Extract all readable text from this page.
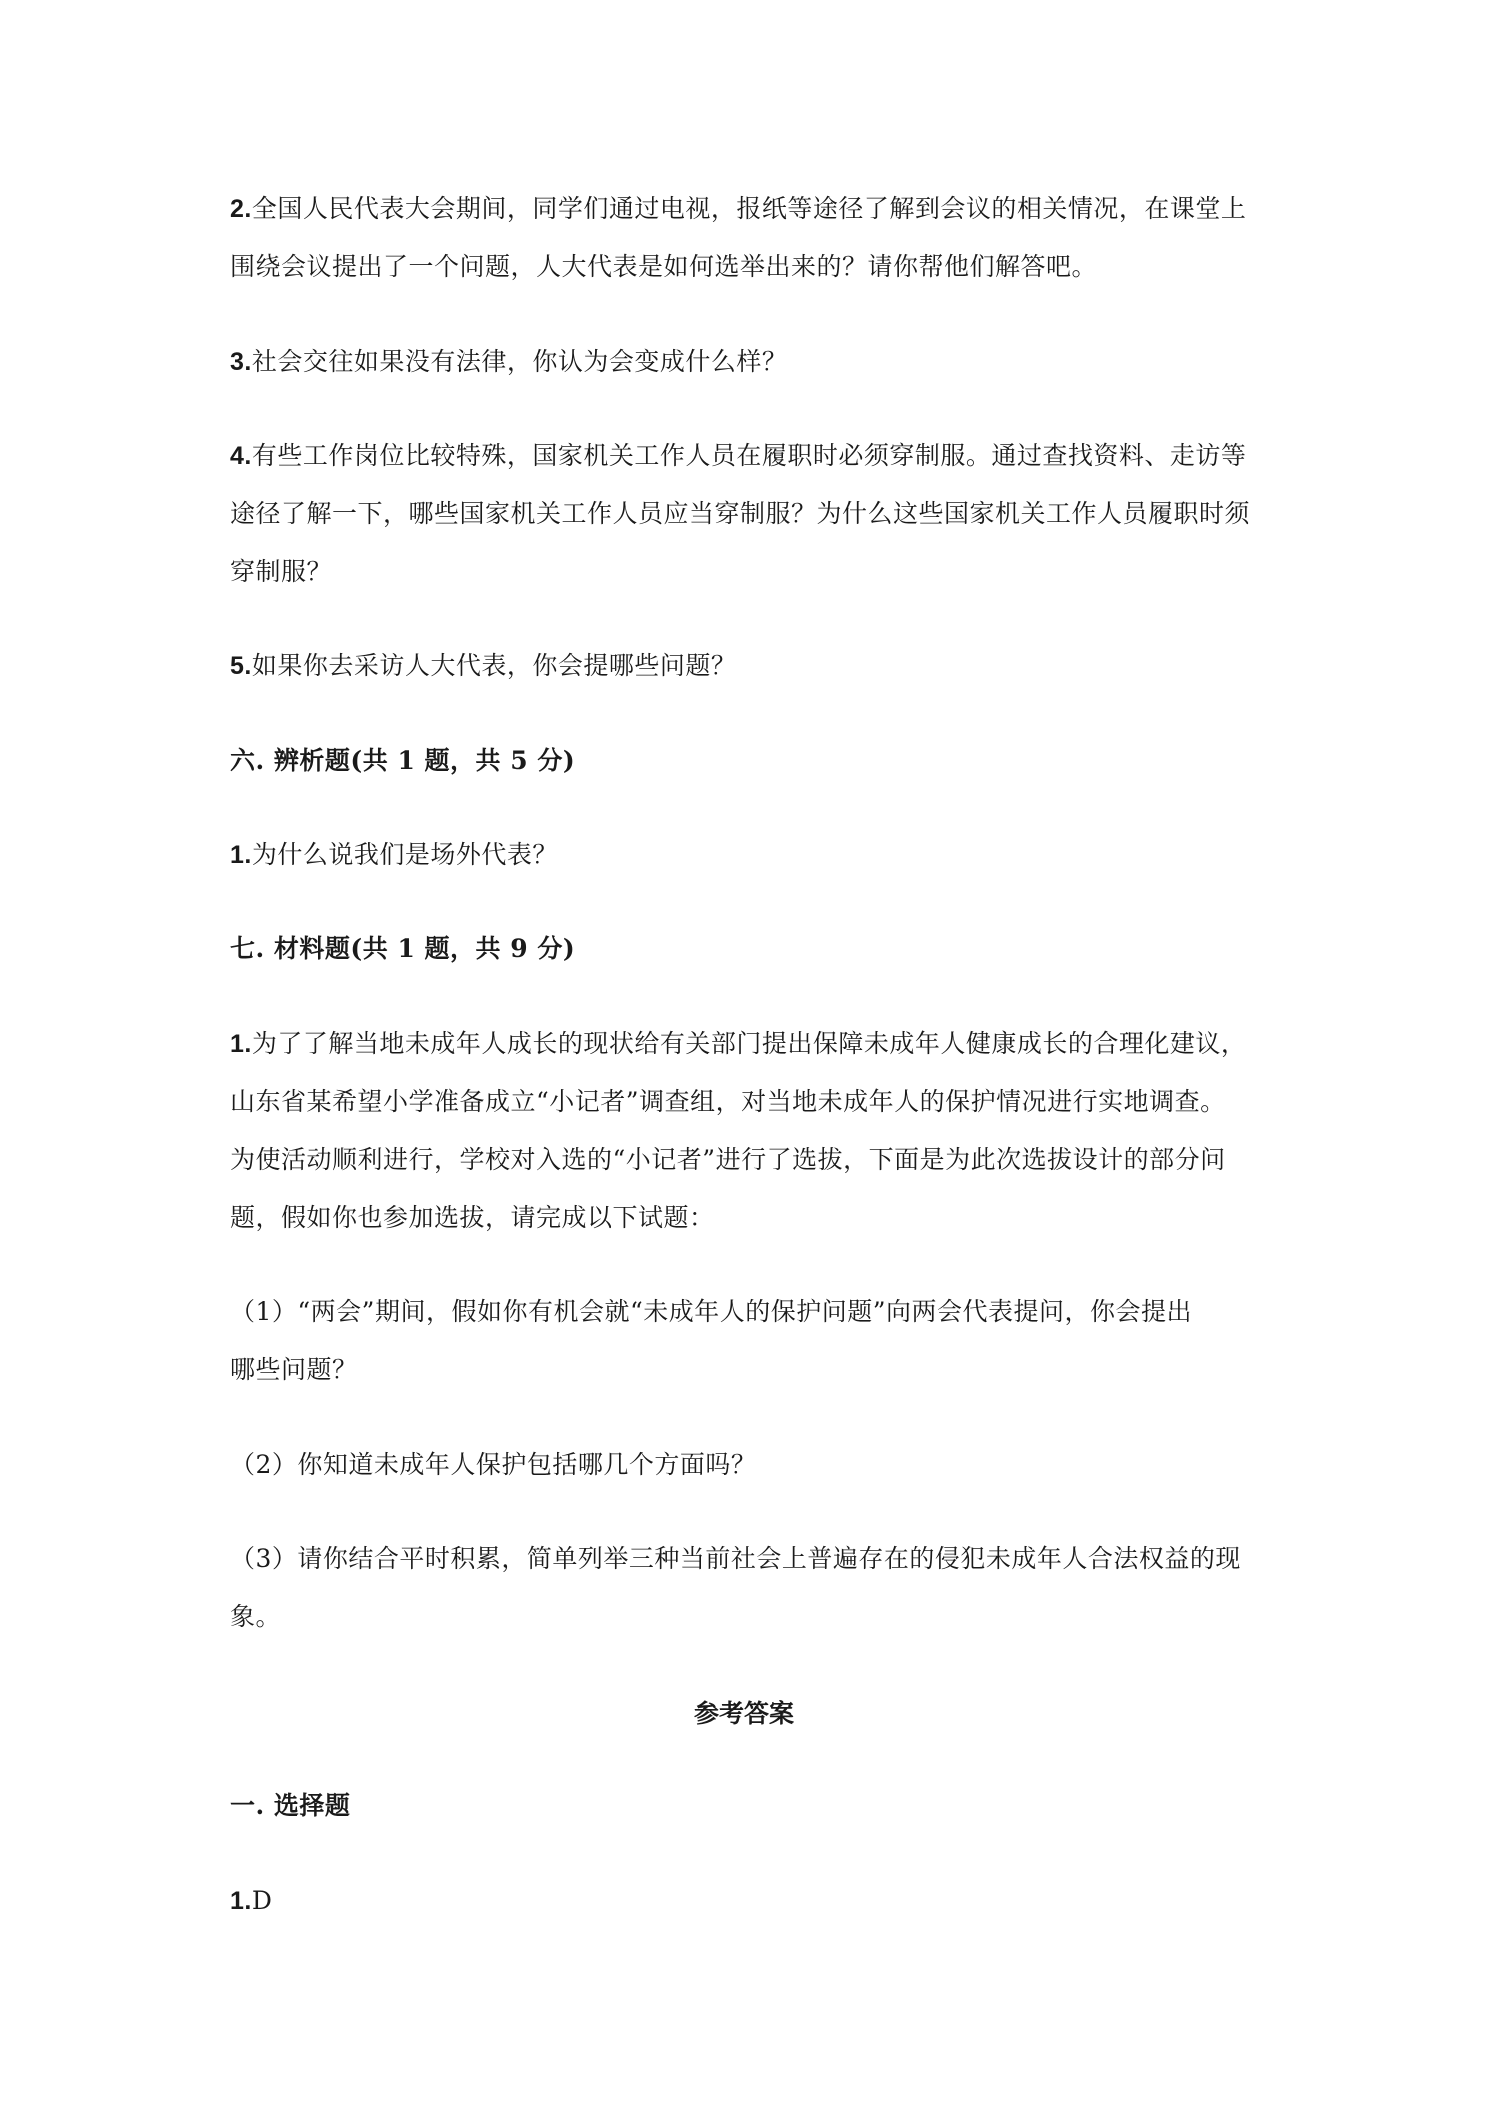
2.全国人民代表大会期间，同学们通过电视，报纸等途径了解到会议的相关情况，在课堂上
围绕会议提出了一个问题，人大代表是如何选举出来的？请你帮他们解答吧。
3.社会交往如果没有法律，你认为会变成什么样？
4.有些工作岗位比较特殊，国家机关工作人员在履职时必须穿制服。通过查找资料、走访等
途径了解一下，哪些国家机关工作人员应当穿制服？为什么这些国家机关工作人员履职时须
穿制服？
5.如果你去采访人大代表，你会提哪些问题？
六. 辨析题(共 1 题，共 5 分)
1.为什么说我们是场外代表？
七. 材料题(共 1 题，共 9 分)
1.为了了解当地未成年人成长的现状给有关部门提出保障未成年人健康成长的合理化建议，
山东省某希望小学准备成立“小记者”调查组，对当地未成年人的保护情况进行实地调查。
为使活动顺利进行，学校对入选的“小记者”进行了选拔，下面是为此次选拔设计的部分问
题，假如你也参加选拔，请完成以下试题：
（1）“两会”期间，假如你有机会就“未成年人的保护问题”向两会代表提问，你会提出
哪些问题？
（2）你知道未成年人保护包括哪几个方面吗？
（3）请你结合平时积累，简单列举三种当前社会上普遍存在的侵犯未成年人合法权益的现
象。
参考答案
一. 选择题
1.D
